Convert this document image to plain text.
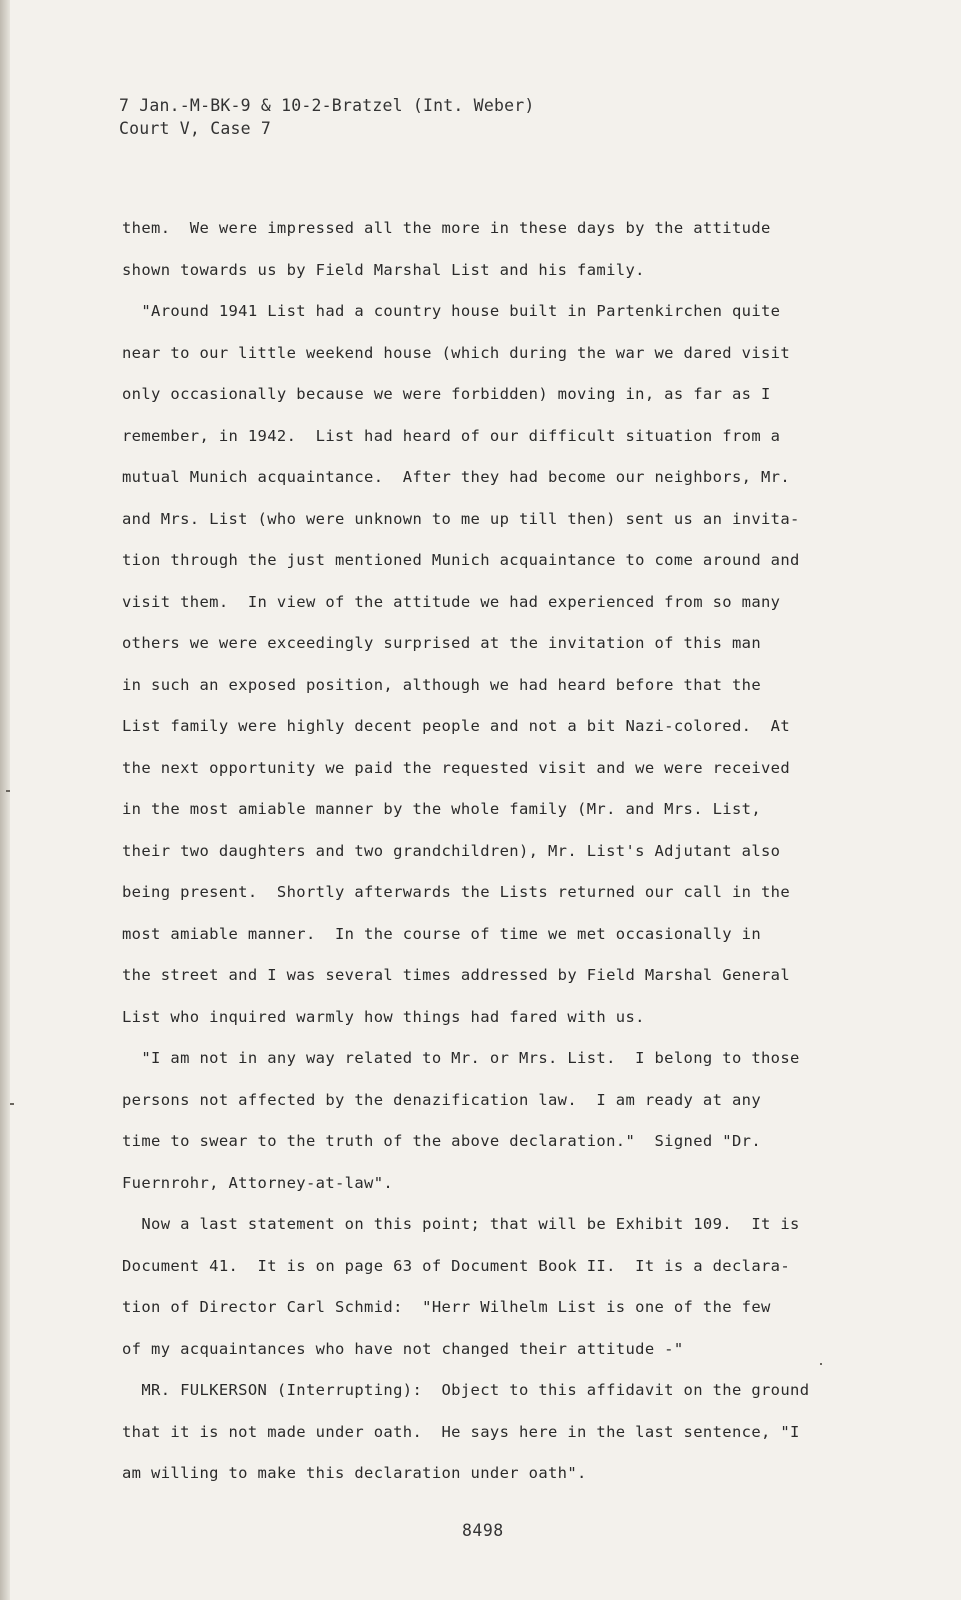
7 Jan.-M-BK-9 & 10-2-Bratzel (Int. Weber)
Court V, Case 7
them.  We were impressed all the more in these days by the attitude
shown towards us by Field Marshal List and his family.
"Around 1941 List had a country house built in Partenkirchen quite
near to our little weekend house (which during the war we dared visit
only occasionally because we were forbidden) moving in, as far as I
remember, in 1942.  List had heard of our difficult situation from a
mutual Munich acquaintance.  After they had become our neighbors, Mr.
and Mrs. List (who were unknown to me up till then) sent us an invita-
tion through the just mentioned Munich acquaintance to come around and
visit them.  In view of the attitude we had experienced from so many
others we were exceedingly surprised at the invitation of this man
in such an exposed position, although we had heard before that the
List family were highly decent people and not a bit Nazi-colored.  At
the next opportunity we paid the requested visit and we were received
in the most amiable manner by the whole family (Mr. and Mrs. List,
their two daughters and two grandchildren), Mr. List's Adjutant also
being present.  Shortly afterwards the Lists returned our call in the
most amiable manner.  In the course of time we met occasionally in
the street and I was several times addressed by Field Marshal General
List who inquired warmly how things had fared with us.
"I am not in any way related to Mr. or Mrs. List.  I belong to those
persons not affected by the denazification law.  I am ready at any
time to swear to the truth of the above declaration."  Signed "Dr.
Fuernrohr, Attorney-at-law".
Now a last statement on this point; that will be Exhibit 109.  It is
Document 41.  It is on page 63 of Document Book II.  It is a declara-
tion of Director Carl Schmid:  "Herr Wilhelm List is one of the few
of my acquaintances who have not changed their attitude -"
MR. FULKERSON (Interrupting):  Object to this affidavit on the ground
that it is not made under oath.  He says here in the last sentence, "I
am willing to make this declaration under oath".
8498
